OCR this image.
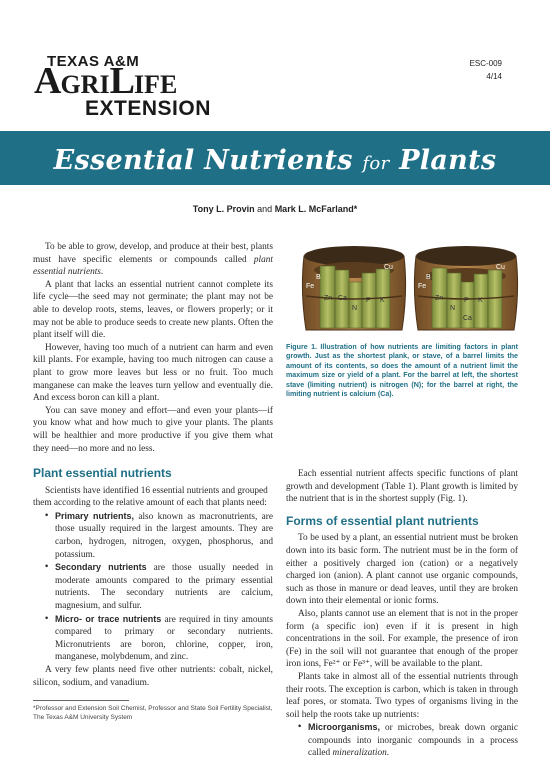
TEXAS A&M
AGRILIFE
EXTENSION
ESC-009
4/14
Essential Nutrients for Plants
Tony L. Provin and Mark L. McFarland*

To be able to grow, develop, and produce at their best, plants must have specific elements or compounds called plant essential nutrients.

A plant that lacks an essential nutrient cannot complete its life cycle—the seed may not germinate; the plant may not be able to develop roots, stems, leaves, or flowers properly; or it may not be able to produce seeds to create new plants. Often the plant itself will die.

However, having too much of a nutrient can harm and even kill plants. For example, having too much nitrogen can cause a plant to grow more leaves but less or no fruit. Too much manganese can make the leaves turn yellow and eventually die. And excess boron can kill a plant.

You can save money and effort—and even your plants—if you know what and how much to give your plants. The plants will be healthier and more productive if you give them what they need—no more and no less.

Plant essential nutrients

Scientists have identified 16 essential nutrients and grouped them according to the relative amount of each that plants need:

• Primary nutrients, also known as macronutrients, are those usually required in the largest amounts. They are carbon, hydrogen, nitrogen, oxygen, phosphorus, and potassium.
• Secondary nutrients are those usually needed in moderate amounts compared to the primary essential nutrients. The secondary nutrients are calcium, magnesium, and sulfur.
• Micro- or trace nutrients are required in tiny amounts compared to primary or secondary nutrients. Micronutrients are boron, chlorine, copper, iron, manganese, molybdenum, and zinc.

A very few plants need five other nutrients: cobalt, nickel, silicon, sodium, and vanadium.

*Professor and Extension Soil Chemist, Professor and State Soil Fertility Specialist, The Texas A&M University System
B
Cu
Fe
Zn Ca
N
P K
B
Cu
Fe
Zn
N
P K
Ca
Figure 1. Illustration of how nutrients are limiting factors in plant growth. Just as the shortest plank, or stave, of a barrel limits the amount of its contents, so does the amount of a nutrient limit the maximum size or yield of a plant. For the barrel at left, the shortest stave (limiting nutrient) is nitrogen (N); for the barrel at right, the limiting nutrient is calcium (Ca).

Each essential nutrient affects specific functions of plant growth and development (Table 1). Plant growth is limited by the nutrient that is in the shortest supply (Fig. 1).

Forms of essential plant nutrients

To be used by a plant, an essential nutrient must be broken down into its basic form. The nutrient must be in the form of either a positively charged ion (cation) or a negatively charged ion (anion). A plant cannot use organic compounds, such as those in manure or dead leaves, until they are broken down into their elemental or ionic forms.

Also, plants cannot use an element that is not in the proper form (a specific ion) even if it is present in high concentrations in the soil. For example, the presence of iron (Fe) in the soil will not guarantee that enough of the proper iron ions, Fe²⁺ or Fe³⁺, will be available to the plant.

Plants take in almost all of the essential nutrients through their roots. The exception is carbon, which is taken in through leaf pores, or stomata. Two types of organisms living in the soil help the roots take up nutrients:

• Microorganisms, or microbes, break down organic compounds into inorganic compounds in a process called mineralization.
